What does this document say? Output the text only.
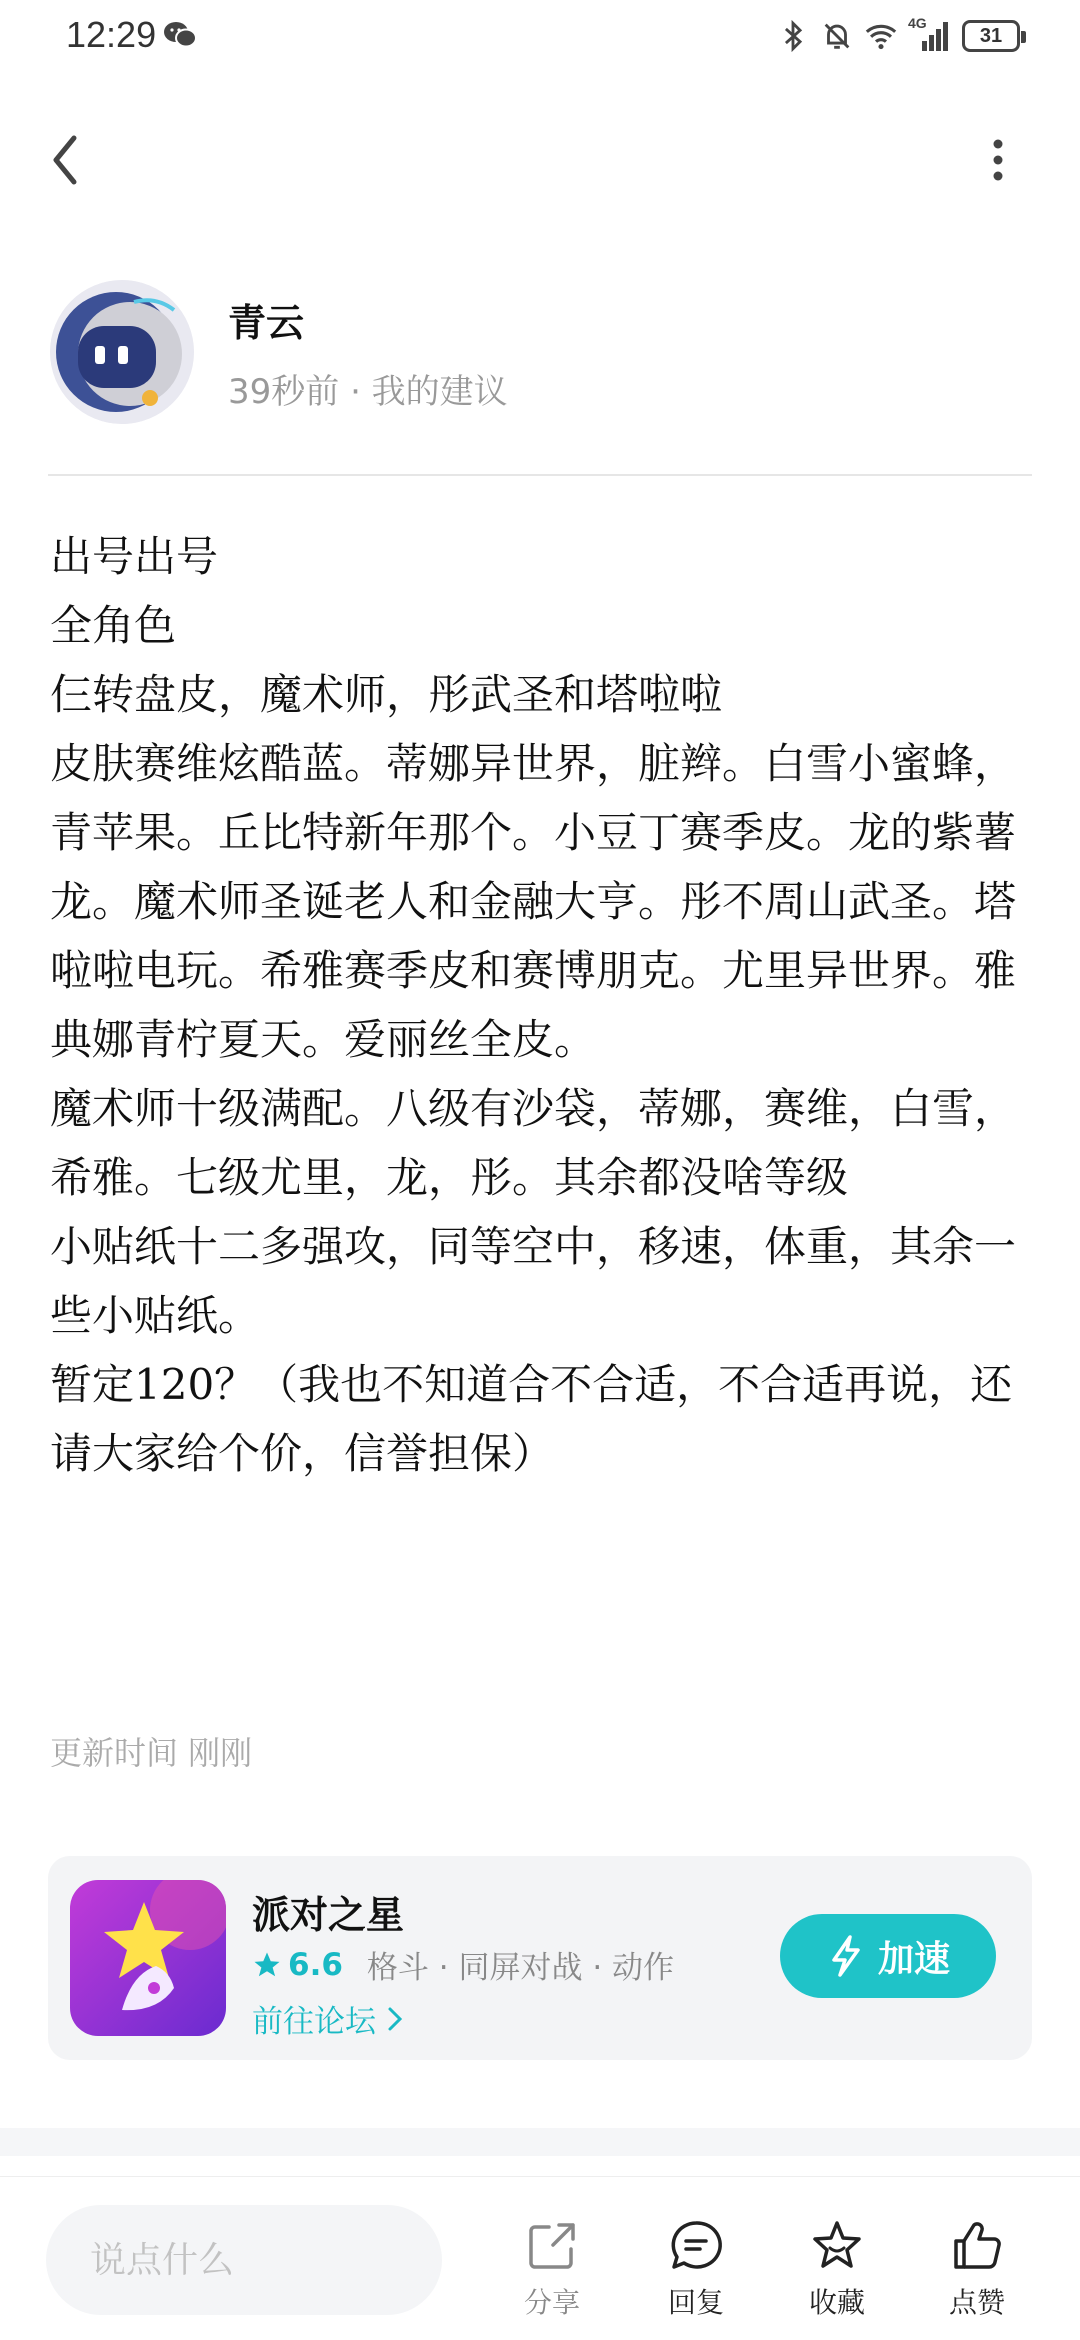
12:29	4G
31
青云
39秒前 · 我的建议

出号出号

全角色

仨转盘皮，魔术师，彤武圣和塔啦啦

皮肤赛维炫酷蓝。蒂娜异世界，脏辫。白雪小蜜蜂，青苹果。丘比特新年那个。小豆丁赛季皮。龙的紫薯龙。魔术师圣诞老人和金融大亨。彤不周山武圣。塔啦啦电玩。希雅赛季皮和赛博朋克。尤里异世界。雅典娜青柠夏天。爱丽丝全皮。

魔术师十级满配。八级有沙袋，蒂娜，赛维，白雪，希雅。七级尤里，龙，彤。其余都没啥等级

小贴纸十二多强攻，同等空中，移速，体重，其余一些小贴纸。

暂定120？（我也不知道合不合适，不合适再说，还请大家给个价，信誉担保）

更新时间 刚刚
派对之星
6.6 格斗 · 同屏对战 · 动作
前往论坛
加速
说点什么
分享	回复	收藏	点赞
